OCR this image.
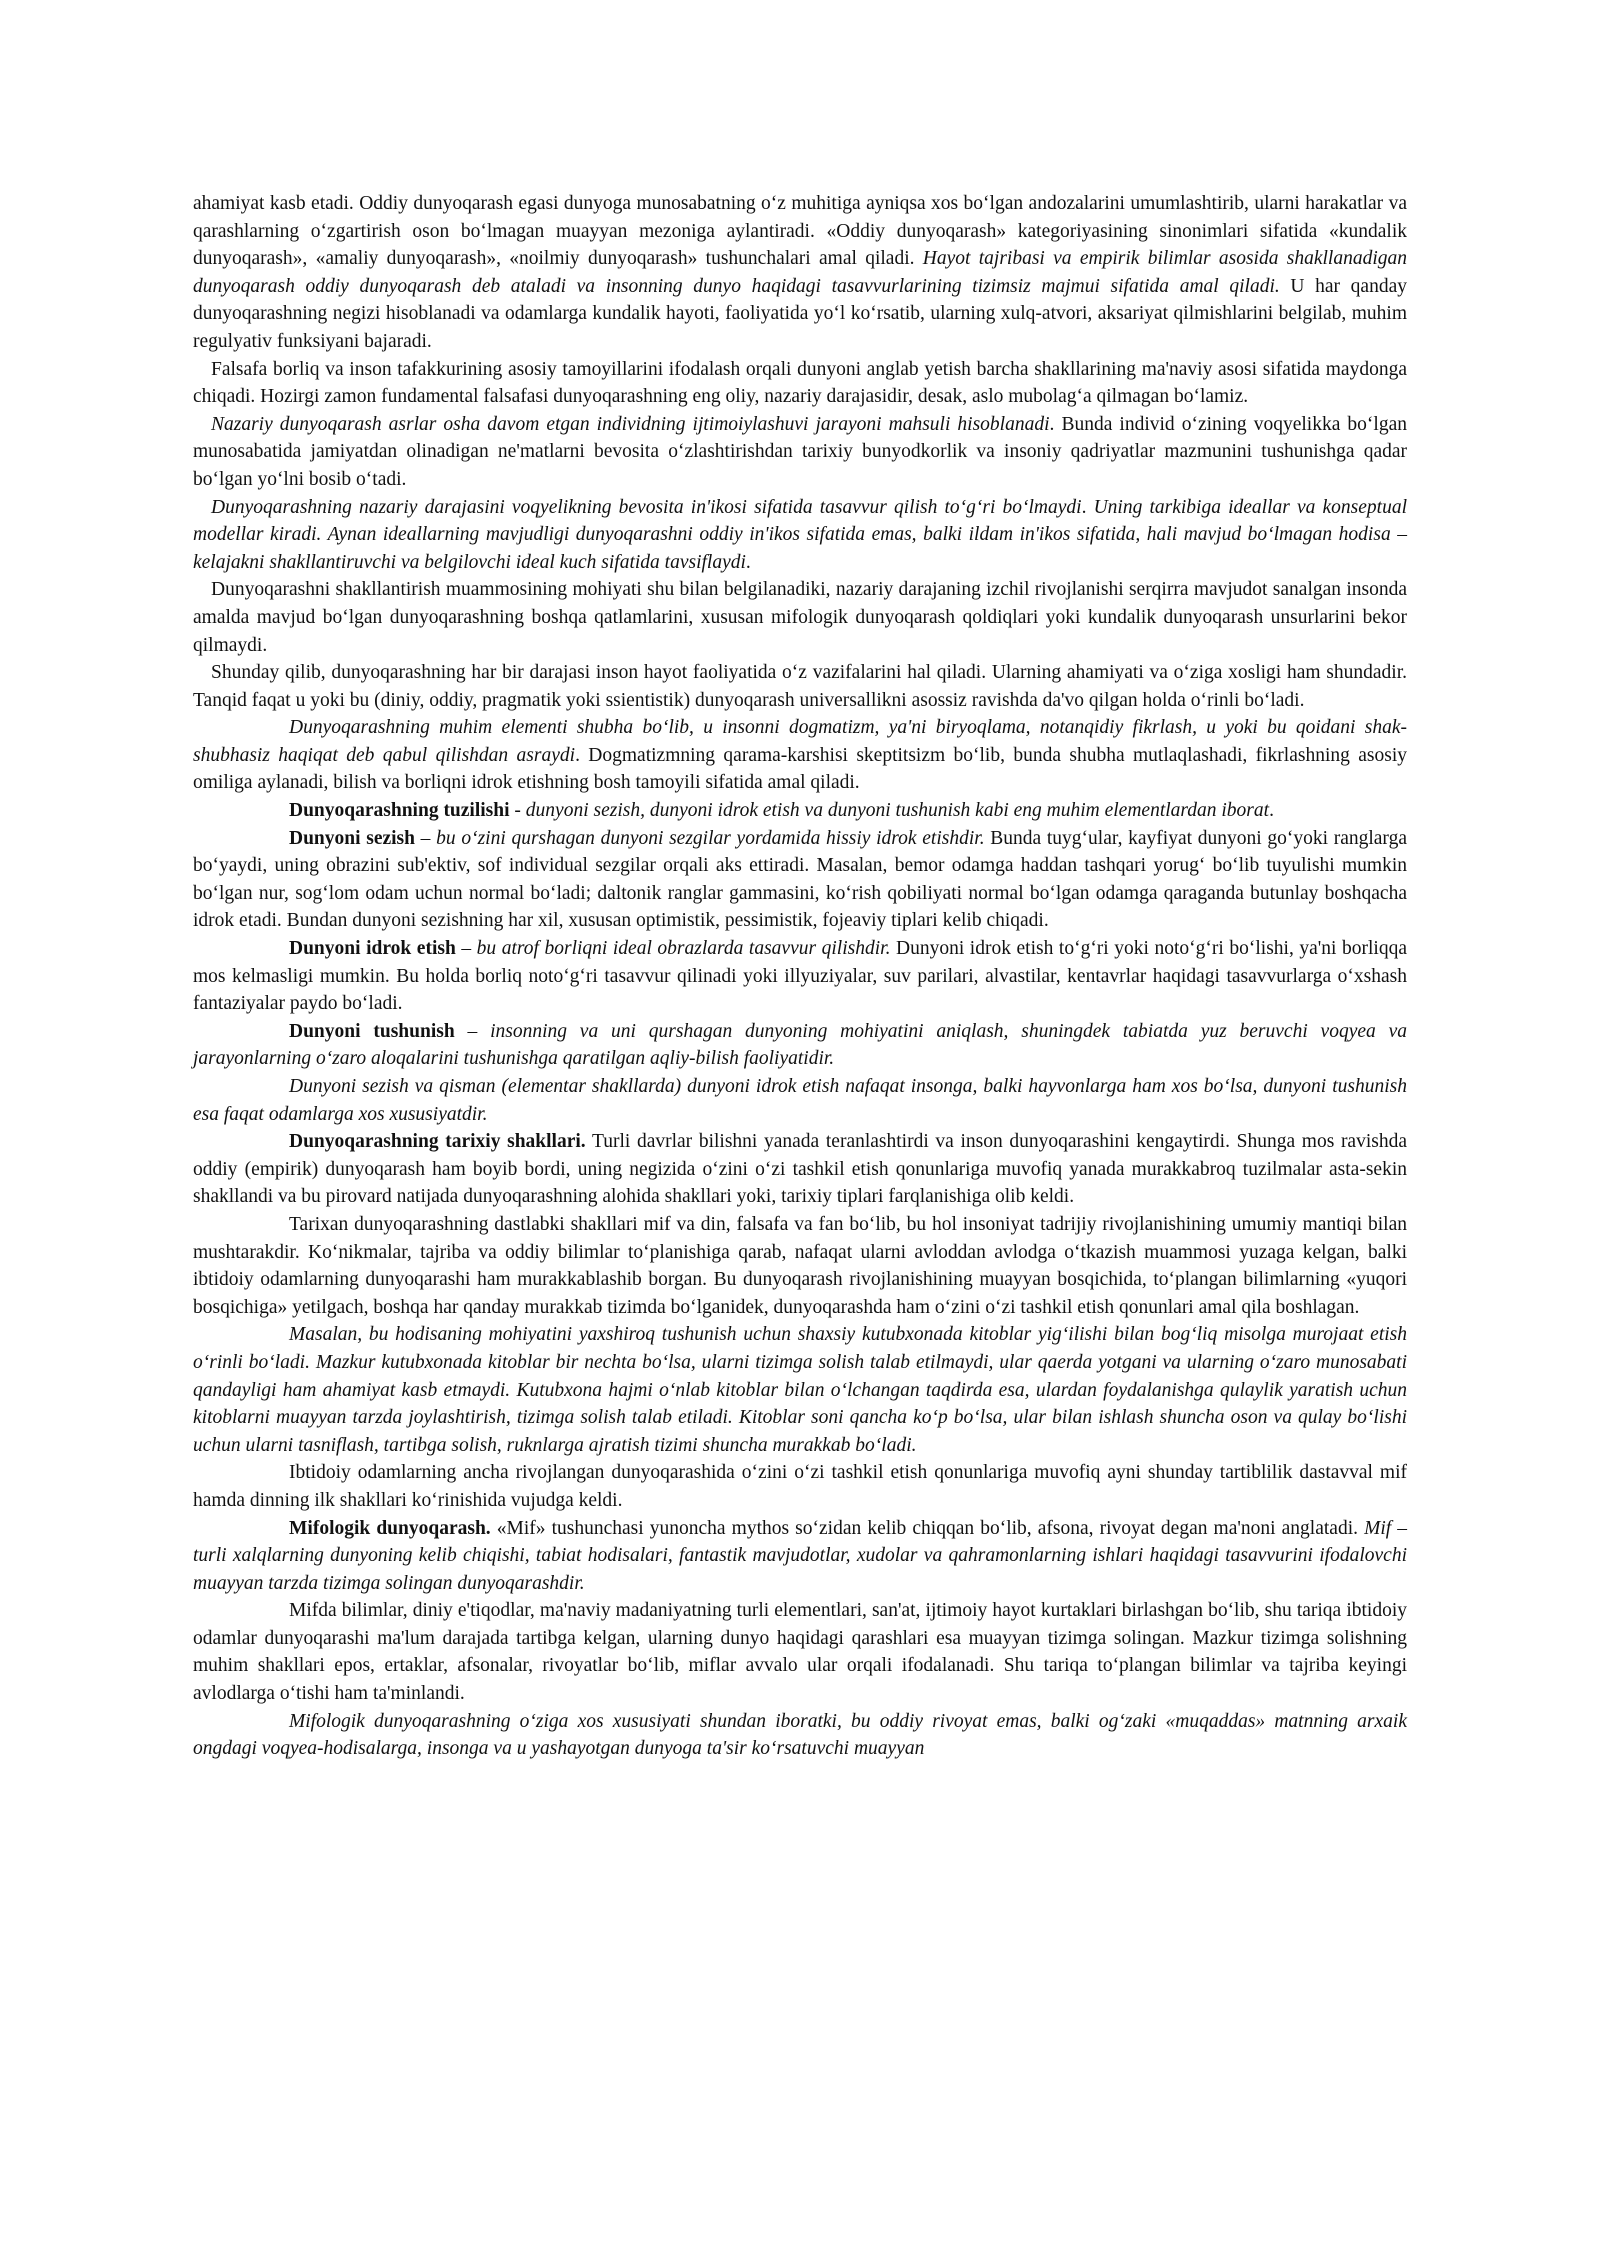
ahamiyat kasb etadi. Oddiy dunyoqarash egasi dunyoga munosabatning oʻz muhitiga ayniqsa xos boʻlgan andozalarini umumlashtirib, ularni harakatlar va qarashlarning oʻzgartirish oson boʻlmagan muayyan mezoniga aylantiradi. «Oddiy dunyoqarash» kategoriyasining sinonimlari sifatida «kundalik dunyoqarash», «amaliy dunyoqarash», «noilmiy dunyoqarash» tushunchalari amal qiladi. Hayot tajribasi va empirik bilimlar asosida shakllanadigan dunyoqarash oddiy dunyoqarash deb ataladi va insonning dunyo haqidagi tasavvurlarining tizimsiz majmui sifatida amal qiladi. U har qanday dunyoqarashning negizi hisoblanadi va odamlarga kundalik hayoti, faoliyatida yoʻl koʻrsatib, ularning xulq-atvori, aksariyat qilmishlarini belgilab, muhim regulyativ funksiyani bajaradi.

Falsafa borliq va inson tafakkurining asosiy tamoyillarini ifodalash orqali dunyoni anglab yetish barcha shakllarining ma'naviy asosi sifatida maydonga chiqadi. Hozirgi zamon fundamental falsafasi dunyoqarashning eng oliy, nazariy darajasidir, desak, aslo mubolagʻa qilmagan boʻlamiz.

Nazariy dunyoqarash asrlar osha davom etgan individning ijtimoiylashuvi jarayoni mahsuli hisoblanadi. Bunda individ oʻzining voqyelikka boʻlgan munosabatida jamiyatdan olinadigan ne'matlarni bevosita oʻzlashtirishdan tarixiy bunyodkorlik va insoniy qadriyatlar mazmunini tushunishga qadar boʻlgan yoʻlni bosib oʻtadi.

Dunyoqarashning nazariy darajasini voqyelikning bevosita in'ikosi sifatida tasavvur qilish toʻgʻri boʻlmaydi. Uning tarkibiga ideallar va konseptual modellar kiradi. Aynan ideallarning mavjudligi dunyoqarashni oddiy in'ikos sifatida emas, balki ildam in'ikos sifatida, hali mavjud boʻlmagan hodisa – kelajakni shakllantiruvchi va belgilovchi ideal kuch sifatida tavsiflaydi.

Dunyoqarashni shakllantirish muammosining mohiyati shu bilan belgilanadiki, nazariy darajaning izchil rivojlanishi serqirra mavjudot sanalgan insonda amalda mavjud boʻlgan dunyoqarashning boshqa qatlamlarini, xususan mifologik dunyoqarash qoldiqlari yoki kundalik dunyoqarash unsurlarini bekor qilmaydi.

Shunday qilib, dunyoqarashning har bir darajasi inson hayot faoliyatida oʻz vazifalarini hal qiladi. Ularning ahamiyati va oʻziga xosligi ham shundadir. Tanqid faqat u yoki bu (diniy, oddiy, pragmatik yoki ssientistik) dunyoqarash universallikni asossiz ravishda da'vo qilgan holda oʻrinli boʻladi.

Dunyoqarashning muhim elementi shubha boʻlib, u insonni dogmatizm, ya'ni biryoqlama, notanqidiy fikrlash, u yoki bu qoidani shak-shubhasiz haqiqat deb qabul qilishdan asraydi. Dogmatizmning qarama-karshisi skeptitsizm boʻlib, bunda shubha mutlaqlashadi, fikrlashning asosiy omiliga aylanadi, bilish va borliqni idrok etishning bosh tamoyili sifatida amal qiladi.

Dunyoqarashning tuzilishi - dunyoni sezish, dunyoni idrok etish va dunyoni tushunish kabi eng muhim elementlardan iborat.

Dunyoni sezish – bu oʻzini qurshagan dunyoni sezgilar yordamida hissiy idrok etishdir. Bunda tuygʻular, kayfiyat dunyoni goʻyoki ranglarga boʻyaydi, uning obrazini sub'ektiv, sof individual sezgilar orqali aks ettiradi. Masalan, bemor odamga haddan tashqari yorugʻ boʻlib tuyulishi mumkin boʻlgan nur, sogʻlom odam uchun normal boʻladi; daltonik ranglar gammasini, koʻrish qobiliyati normal boʻlgan odamga qaraganda butunlay boshqacha idrok etadi. Bundan dunyoni sezishning har xil, xususan optimistik, pessimistik, fojeaviy tiplari kelib chiqadi.

Dunyoni idrok etish – bu atrof borliqni ideal obrazlarda tasavvur qilishdir. Dunyoni idrok etish toʻgʻri yoki notoʻgʻri boʻlishi, ya'ni borliqqa mos kelmasligi mumkin. Bu holda borliq notoʻgʻri tasavvur qilinadi yoki illyuziyalar, suv parilari, alvastilar, kentavrlar haqidagi tasavvurlarga oʻxshash fantaziyalar paydo boʻladi.

Dunyoni tushunish – insonning va uni qurshagan dunyoning mohiyatini aniqlash, shuningdek tabiatda yuz beruvchi voqyea va jarayonlarning oʻzaro aloqalarini tushunishga qaratilgan aqliy-bilish faoliyatidir.

Dunyoni sezish va qisman (elementar shakllarda) dunyoni idrok etish nafaqat insonga, balki hayvonlarga ham xos boʻlsa, dunyoni tushunish esa faqat odamlarga xos xususiyatdir.

Dunyoqarashning tarixiy shakllari. Turli davrlar bilishni yanada teranlashtirdi va inson dunyoqarashini kengaytirdi. Shunga mos ravishda oddiy (empirik) dunyoqarash ham boyib bordi, uning negizida oʻzini oʻzi tashkil etish qonunlariga muvofiq yanada murakkabroq tuzilmalar asta-sekin shakllandi va bu pirovard natijada dunyoqarashning alohida shakllari yoki, tarixiy tiplari farqlanishiga olib keldi.

Tarixan dunyoqarashning dastlabki shakllari mif va din, falsafa va fan boʻlib, bu hol insoniyat tadrijiy rivojlanishining umumiy mantiqi bilan mushtarakdir. Koʻnikmalar, tajriba va oddiy bilimlar toʻplanishiga qarab, nafaqat ularni avloddan avlodga oʻtkazish muammosi yuzaga kelgan, balki ibtidoiy odamlarning dunyoqarashi ham murakkablashib borgan. Bu dunyoqarash rivojlanishining muayyan bosqichida, toʻplangan bilimlarning «yuqori bosqichiga» yetilgach, boshqa har qanday murakkab tizimda boʻlganidek, dunyoqarashda ham oʻzini oʻzi tashkil etish qonunlari amal qila boshlagan.

Masalan, bu hodisaning mohiyatini yaxshiroq tushunish uchun shaxsiy kutubxonada kitoblar yigʻilishi bilan bogʻliq misolga murojaat etish oʻrinli boʻladi. Mazkur kutubxonada kitoblar bir nechta boʻlsa, ularni tizimga solish talab etilmaydi, ular qaerda yotgani va ularning oʻzaro munosabati qandayligi ham ahamiyat kasb etmaydi. Kutubxona hajmi oʻnlab kitoblar bilan oʻlchangan taqdirda esa, ulardan foydalanishga qulaylik yaratish uchun kitoblarni muayyan tarzda joylashtirish, tizimga solish talab etiladi. Kitoblar soni qancha koʻp boʻlsa, ular bilan ishlash shuncha oson va qulay boʻlishi uchun ularni tasniflash, tartibga solish, ruknlarga ajratish tizimi shuncha murakkab boʻladi.

Ibtidoiy odamlarning ancha rivojlangan dunyoqarashida oʻzini oʻzi tashkil etish qonunlariga muvofiq ayni shunday tartiblilik dastavval mif hamda dinning ilk shakllari koʻrinishida vujudga keldi.

Mifologik dunyoqarash. «Mif» tushunchasi yunoncha mythos soʻzidan kelib chiqqan boʻlib, afsona, rivoyat degan ma'noni anglatadi. Mif –turli xalqlarning dunyoning kelib chiqishi, tabiat hodisalari, fantastik mavjudotlar, xudolar va qahramonlarning ishlari haqidagi tasavvurini ifodalovchi muayyan tarzda tizimga solingan dunyoqarashdir.

Mifda bilimlar, diniy e'tiqodlar, ma'naviy madaniyatning turli elementlari, san'at, ijtimoiy hayot kurtaklari birlashgan boʻlib, shu tariqa ibtidoiy odamlar dunyoqarashi ma'lum darajada tartibga kelgan, ularning dunyo haqidagi qarashlari esa muayyan tizimga solingan. Mazkur tizimga solishning muhim shakllari epos, ertaklar, afsonalar, rivoyatlar boʻlib, miflar avvalo ular orqali ifodalanadi. Shu tariqa toʻplangan bilimlar va tajriba keyingi avlodlarga oʻtishi ham ta'minlandi.

Mifologik dunyoqarashning oʻziga xos xususiyati shundan iboratki, bu oddiy rivoyat emas, balki ogʻzaki «muqaddas» matnning arxaik ongdagi voqyea-hodisalarga, insonga va u yashayotgan dunyoga ta'sir koʻrsatuvchi muayyan
